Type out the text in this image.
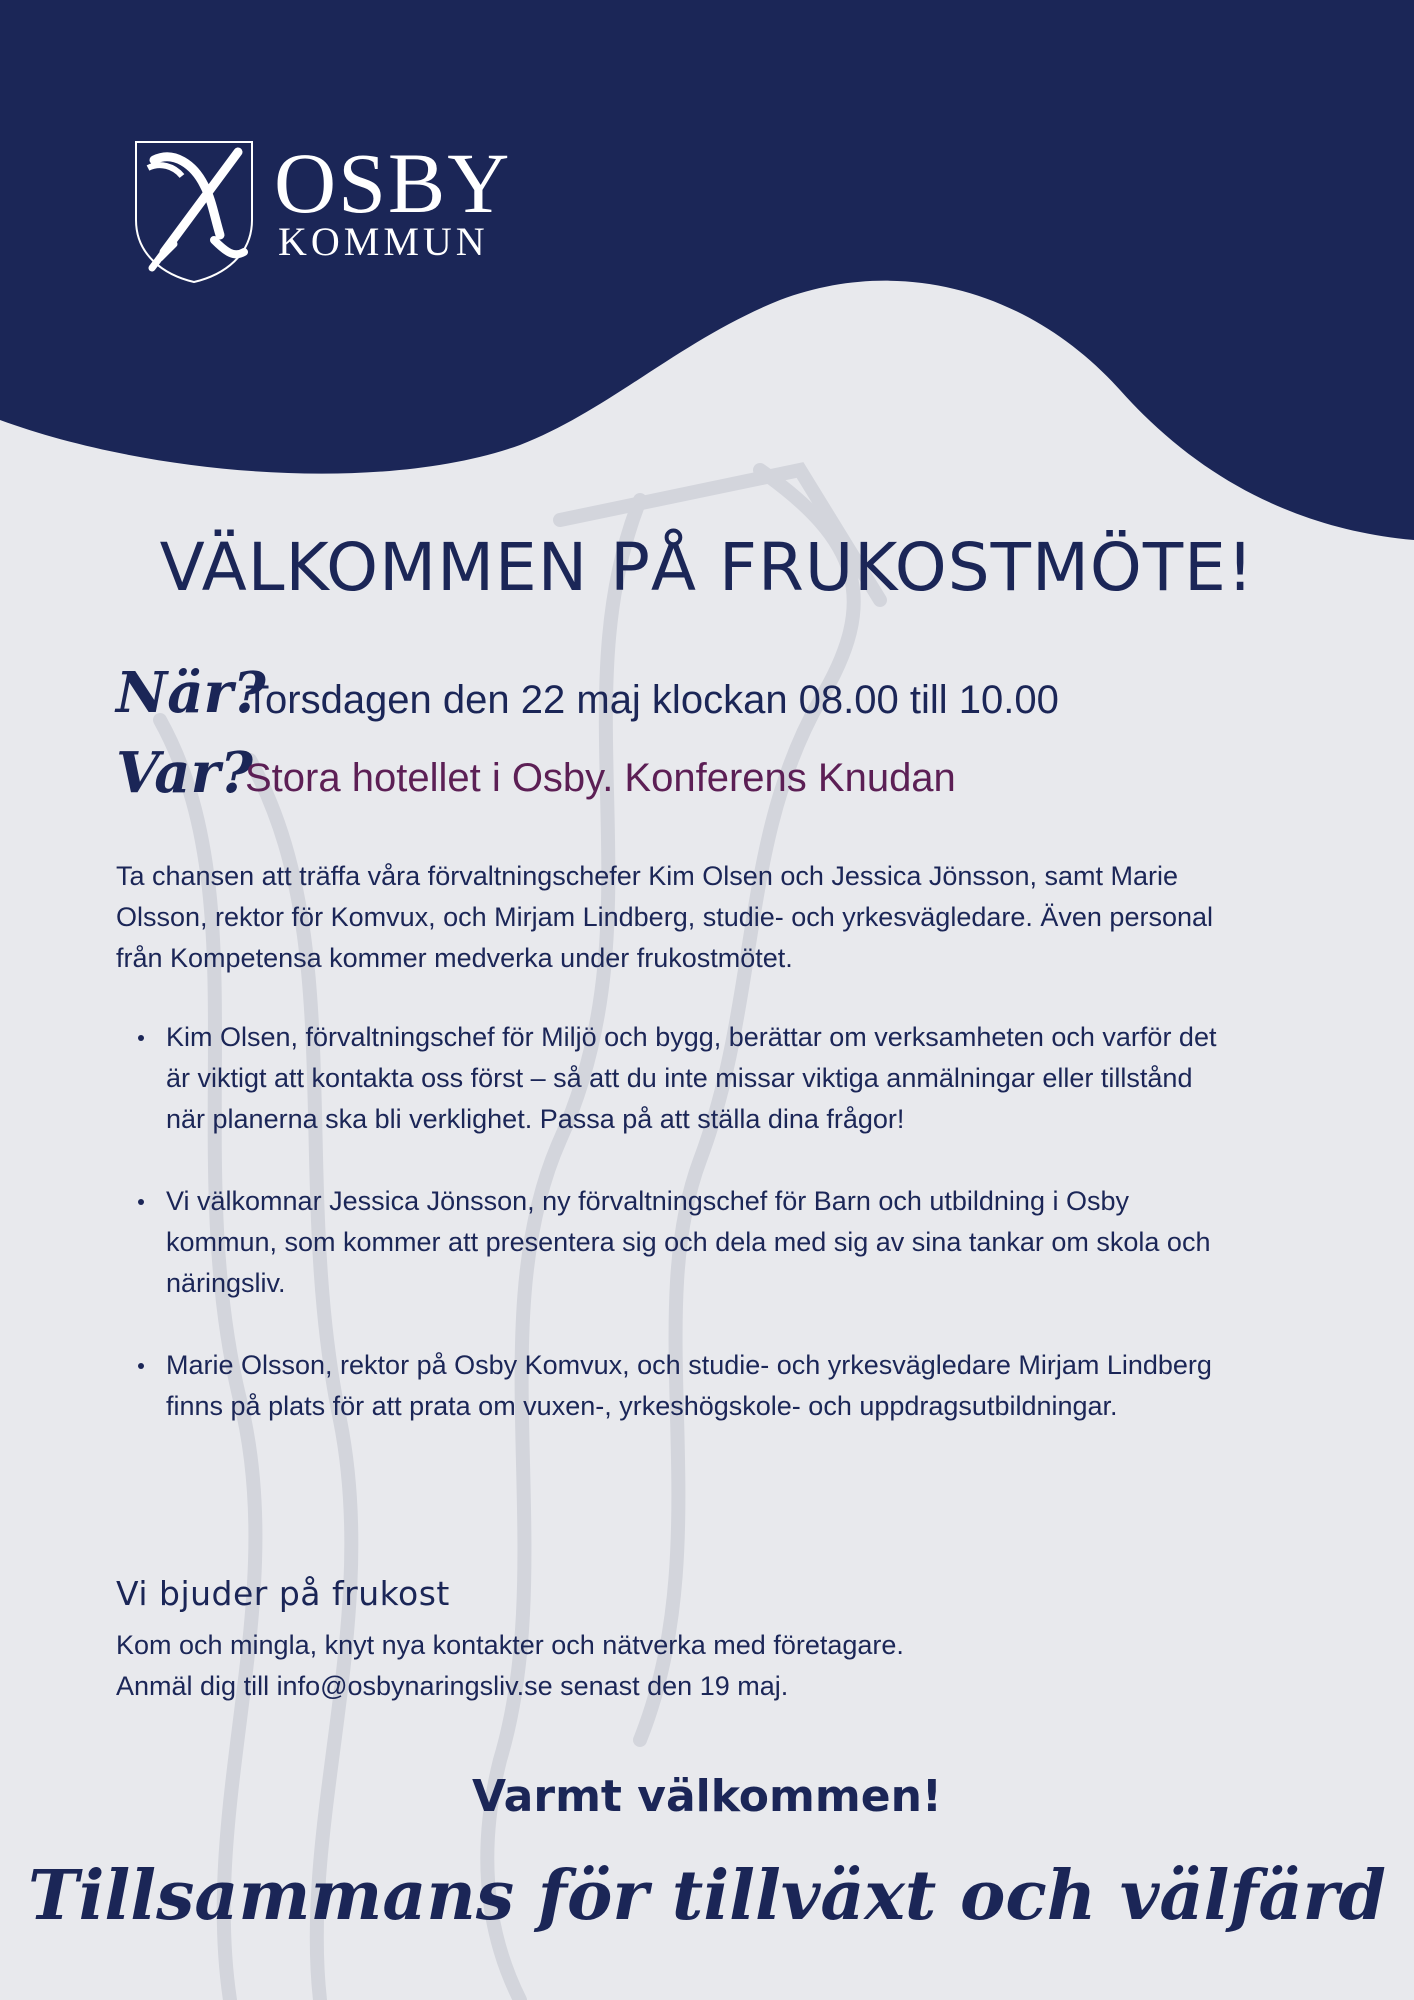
OSBY
KOMMUN
VÄLKOMMEN PÅ FRUKOSTMÖTE!
När?
Torsdagen den 22 maj klockan 08.00 till 10.00
Var?
Stora hotellet i Osby. Konferens Knudan
Ta chansen att träffa våra förvaltningschefer Kim Olsen och Jessica Jönsson, samt Marie Olsson, rektor för Komvux, och Mirjam Lindberg, studie- och yrkesvägledare. Även personal från Kompetensa kommer medverka under frukostmötet.
Kim Olsen, förvaltningschef för Miljö och bygg, berättar om verksamheten och varför det är viktigt att kontakta oss först – så att du inte missar viktiga anmälningar eller tillstånd när planerna ska bli verklighet. Passa på att ställa dina frågor!
Vi välkomnar Jessica Jönsson, ny förvaltningschef för Barn och utbildning i Osby kommun, som kommer att presentera sig och dela med sig av sina tankar om skola och näringsliv.
Marie Olsson, rektor på Osby Komvux, och studie- och yrkesvägledare Mirjam Lindberg finns på plats för att prata om vuxen-, yrkeshögskole- och uppdragsutbildningar.
Vi bjuder på frukost
Kom och mingla, knyt nya kontakter och nätverka med företagare.
Anmäl dig till info@osbynaringsliv.se senast den 19 maj.
Varmt välkommen!
Tillsammans för tillväxt och välfärd
